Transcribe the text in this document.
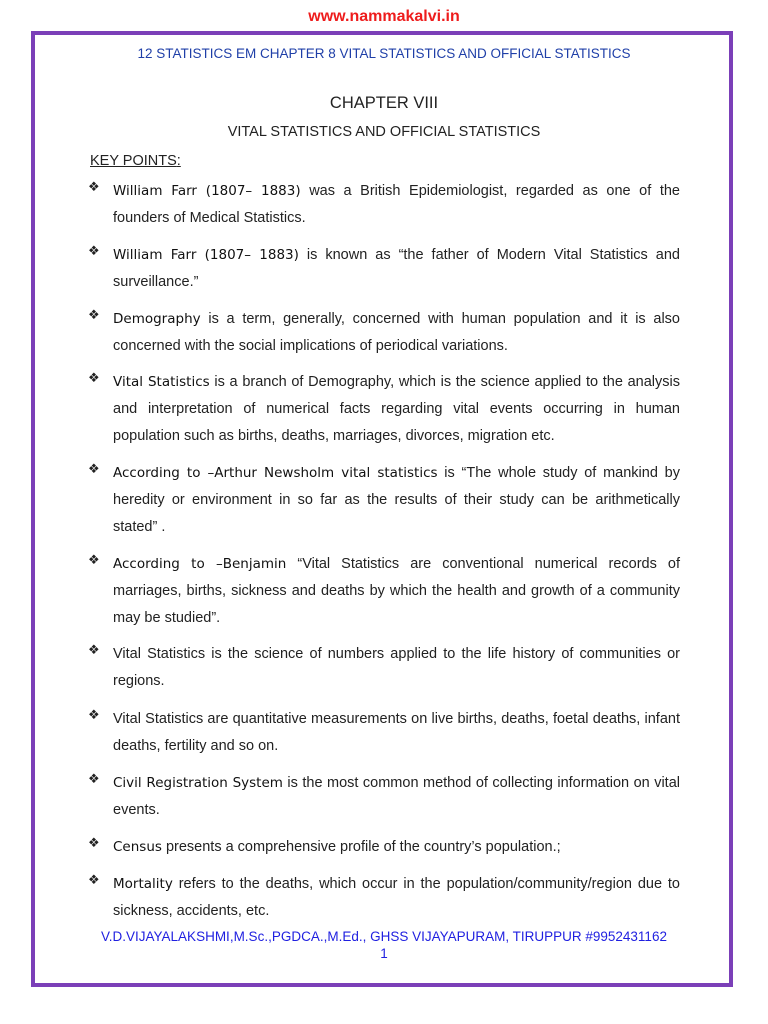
www.nammakalvi.in
12 STATISTICS EM CHAPTER 8 VITAL STATISTICS AND OFFICIAL STATISTICS
CHAPTER VIII
VITAL STATISTICS AND OFFICIAL STATISTICS
KEY POINTS:
❖ William Farr (1807– 1883) was a British Epidemiologist, regarded as one of the founders of Medical Statistics.
❖ William Farr (1807– 1883) is known as “the father of Modern Vital Statistics and surveillance.”
❖ Demography is a term, generally, concerned with human population and it is also concerned with the social implications of periodical variations.
❖ Vital Statistics is a branch of Demography, which is the science applied to the analysis and interpretation of numerical facts regarding vital events occurring in human population such as births, deaths, marriages, divorces, migration etc.
❖ According to –Arthur Newsholm vital statistics is “The whole study of mankind by heredity or environment in so far as the results of their study can be arithmetically stated” .
❖ According to –Benjamin “Vital Statistics are conventional numerical records of marriages, births, sickness and deaths by which the health and growth of a community may be studied”.
❖ Vital Statistics is the science of numbers applied to the life history of communities or regions.
❖ Vital Statistics are quantitative measurements on live births, deaths, foetal deaths, infant deaths, fertility and so on.
❖ Civil Registration System is the most common method of collecting information on vital events.
❖ Census presents a comprehensive profile of the country’s population.;
❖ Mortality refers to the deaths, which occur in the population/community/region due to sickness, accidents, etc.
V.D.VIJAYALAKSHMI,M.Sc.,PGDCA.,M.Ed., GHSS VIJAYAPURAM, TIRUPPUR #9952431162
1
